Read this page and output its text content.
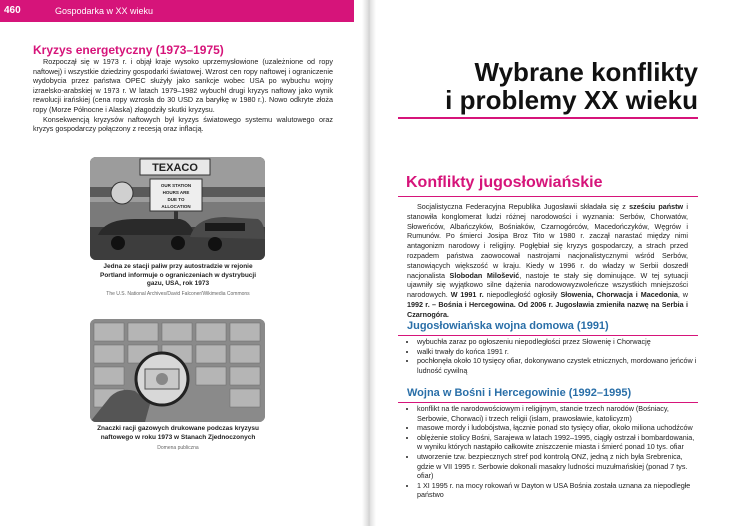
460	Gospodarka w XX wieku
Kryzys energetyczny (1973–1975)

Rozpoczął się w 1973 r. i objął kraje wysoko uprzemysłowione (uzależnione od ropy naftowej) i wszystkie dziedziny gospodarki światowej. Wzrost cen ropy naftowej i ograniczenie wydobycia przez państwa OPEC służyły jako sankcje wobec USA po wybuchu wojny izraelsko-arabskiej w 1973 r. W latach 1979–1982 wybuchł drugi kryzys naftowy jako wynik rewolucji irańskiej (cena ropy wzrosła do 30 USD za baryłkę w 1980 r.). Nowo odkryte złoża ropy (Morze Północne i Alaska) złagodziły skutki kryzysu.

Konsekwencją kryzysów naftowych był kryzys światowego systemu walutowego oraz kryzys gospodarczy połączony z recesją oraz inflacją.

TEXACO
OUR STATION
HOURS ARE
DUE TO
ALLOCATION
Jedna ze stacji paliw przy autostradzie w rejonie Portland informuje o ograniczeniach w dystrybucji gazu, USA, rok 1973
The U.S. National Archives/David Falconer/Wikimedia Commons
Znaczki racji gazowych drukowane podczas kryzysu naftowego w roku 1973 w Stanach Zjednoczonych
Domena publiczna
Wybrane konflikty
i problemy XX wieku
Konflikty jugosłowiańskie

Socjalistyczna Federacyjna Republika Jugosławii składała się z sześciu państw i stanowiła konglomerat ludzi różnej narodowości i wyznania: Serbów, Chorwatów, Słoweńców, Albańczyków, Bośniaków, Czarnogórców, Macedończyków, Węgrów i Rumunów. Po śmierci Josipa Broz Tito w 1980 r. zaczął narastać między nimi antagonizm narodowy i religijny. Pogłębiał się kryzys gospodarczy, a strach przed rozpadem państwa zaowocował nastrojami nacjonalistycznymi wśród Serbów, stanowiących większość w kraju. Kiedy w 1996 r. do władzy w Serbii doszedł nacjonalista Slobodan Milošević, nastoje te stały się dominujące. W tej sytuacji ujawniły się wyjątkowo silne dążenia narodowowyzwoleńcze wszystkich mniejszości narodowych. W 1991 r. niepodległość ogłosiły Słowenia, Chorwacja i Macedonia, w 1992 r. – Bośnia i Hercegowina. Od 2006 r. Jugosławia zmieniła nazwę na Serbia i Czarnogóra.

Jugosłowiańska wojna domowa (1991)
• wybuchła zaraz po ogłoszeniu niepodległości przez Słowenię i Chorwację
• walki trwały do końca 1991 r.
• pochłonęła około 10 tysięcy ofiar, dokonywano czystek etnicznych, mordowano jeńców i ludność cywilną
Wojna w Bośni i Hercegowinie (1992–1995)
• konflikt na tle narodowościowym i religijnym, stancie trzech narodów (Bośniacy, Serbowie, Chorwaci) i trzech religii (islam, prawosławie, katolicyzm)
• masowe mordy i ludobójstwa, łącznie ponad sto tysięcy ofiar, około miliona uchodźców
• oblężenie stolicy Bośni, Sarajewa w latach 1992–1995, ciągły ostrzał i bombardowania, w wyniku których nastąpiło całkowite zniszczenie miasta i śmierć ponad 10 tys. ofiar
• utworzenie tzw. bezpiecznych stref pod kontrolą ONZ, jedną z nich była Srebrenica, gdzie w VII 1995 r. Serbowie dokonali masakry ludności muzułmańskiej (ponad 7 tys. ofiar)
• 1 XI 1995 r. na mocy rokowań w Dayton w USA Bośnia została uznana za niepodległe państwo
